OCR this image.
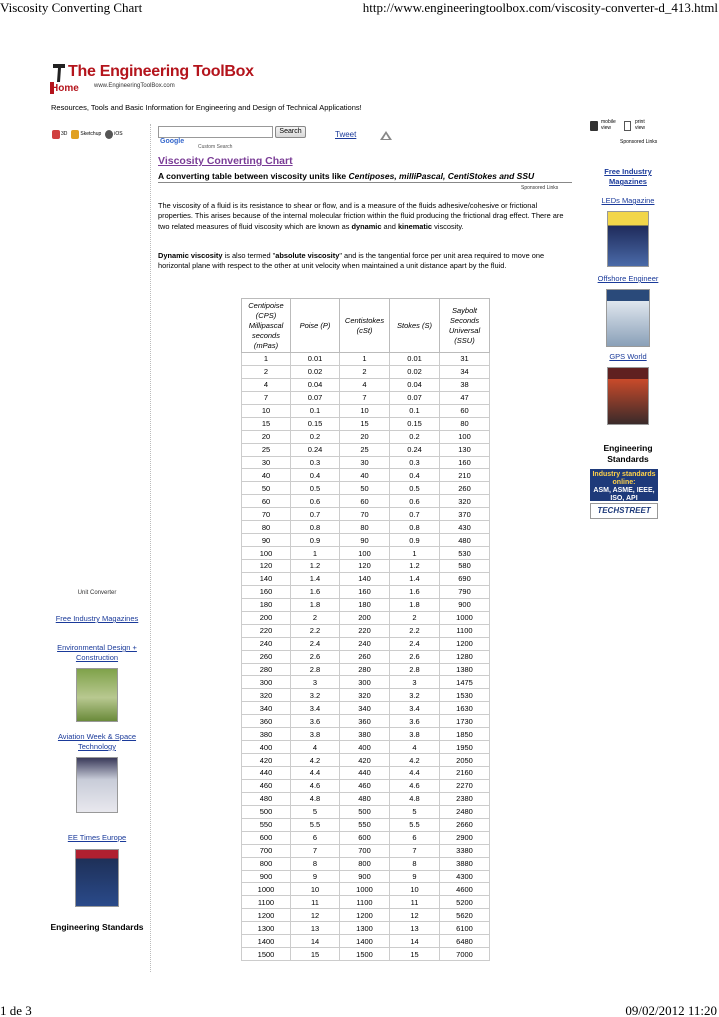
Viscosity Converting Chart	http://www.engineeringtoolbox.com/viscosity-converter-d_413.html
The Engineering ToolBox
www.EngineeringToolBox.com
Home
Resources, Tools and Basic Information for Engineering and Design of Technical Applications!
3D	Sketchup	iOS	Search
Google
Custom Search
Tweet
Viscosity Converting Chart
A converting table between viscosity units like Centiposes, milliPascal, CentiStokes and SSU
Sponsored Links
The viscosity of a fluid is its resistance to shear or flow, and is a measure of the fluids adhesive/cohesive or frictional properties. This arises because of the internal molecular friction within the fluid producing the frictional drag effect. There are two related measures of fluid viscosity which are known as dynamic and kinematic viscosity.
Dynamic viscosity is also termed "absolute viscosity" and is the tangential force per unit area required to move one horizontal plane with respect to the other at unit velocity when maintained a unit distance apart by the fluid.
Centipoise (CPS) Millipascal seconds (mPas)	Poise (P)	Centistokes (cSt)	Stokes (S)	Saybolt Seconds Universal (SSU)
1	0.01	1	0.01	31
2	0.02	2	0.02	34
4	0.04	4	0.04	38
7	0.07	7	0.07	47
10	0.1	10	0.1	60
15	0.15	15	0.15	80
20	0.2	20	0.2	100
25	0.24	25	0.24	130
30	0.3	30	0.3	160
40	0.4	40	0.4	210
50	0.5	50	0.5	260
60	0.6	60	0.6	320
70	0.7	70	0.7	370
80	0.8	80	0.8	430
90	0.9	90	0.9	480
100	1	100	1	530
120	1.2	120	1.2	580
140	1.4	140	1.4	690
160	1.6	160	1.6	790
180	1.8	180	1.8	900
200	2	200	2	1000
220	2.2	220	2.2	1100
240	2.4	240	2.4	1200
260	2.6	260	2.6	1280
280	2.8	280	2.8	1380
300	3	300	3	1475
320	3.2	320	3.2	1530
340	3.4	340	3.4	1630
360	3.6	360	3.6	1730
380	3.8	380	3.8	1850
400	4	400	4	1950
420	4.2	420	4.2	2050
440	4.4	440	4.4	2160
460	4.6	460	4.6	2270
480	4.8	480	4.8	2380
500	5	500	5	2480
550	5.5	550	5.5	2660
600	6	600	6	2900
700	7	700	7	3380
800	8	800	8	3880
900	9	900	9	4300
1000	10	1000	10	4600
1100	11	1100	11	5200
1200	12	1200	12	5620
1300	13	1300	13	6100
1400	14	1400	14	6480
1500	15	1500	15	7000
Unit Converter
Free Industry Magazines
Environmental Design + Construction
Aviation Week & Space Technology
EE Times Europe
Engineering Standards
mobile view
print view
Sponsored Links
Free Industry Magazines
LEDs Magazine
Offshore Engineer
GPS World
Engineering Standards
Industry standards online:
ASM, ASME, IEEE, ISO, API
TECHSTREET
1 de 3	09/02/2012 11:20
